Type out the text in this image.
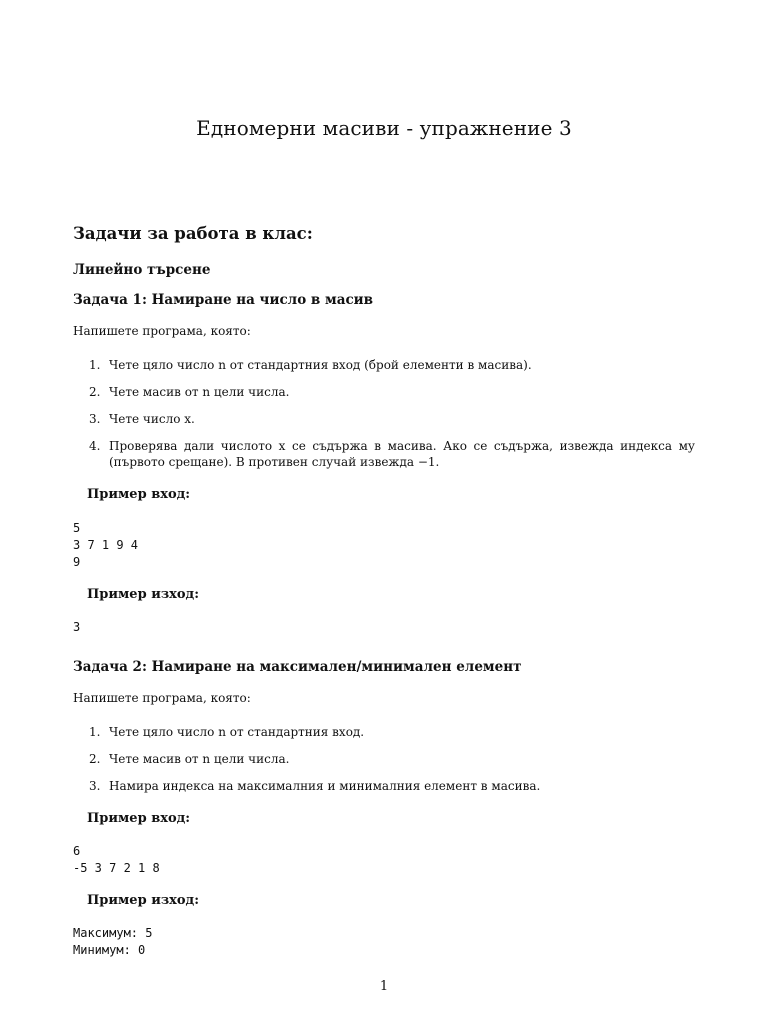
Едномерни масиви - упражнение 3
Задачи за работа в клас:
Линейно търсене
Задача 1: Намиране на число в масив
Напишете програма, която:
1. Чете цяло число n от стандартния вход (брой елементи в масива).
2. Чете масив от n цели числа.
3. Чете число x.
4. Проверява дали числото x се съдържа в масива. Ако се съдържа, извежда индекса му (първото срещане). В противен случай извежда −1.
Пример вход:
5
3 7 1 9 4
9
Пример изход:
3
Задача 2: Намиране на максимален/минимален елемент
Напишете програма, която:
1. Чете цяло число n от стандартния вход.
2. Чете масив от n цели числа.
3. Намира индекса на максималния и минималния елемент в масива.
Пример вход:
6
-5 3 7 2 1 8
Пример изход:
Максимум: 5
Минимум: 0
1
